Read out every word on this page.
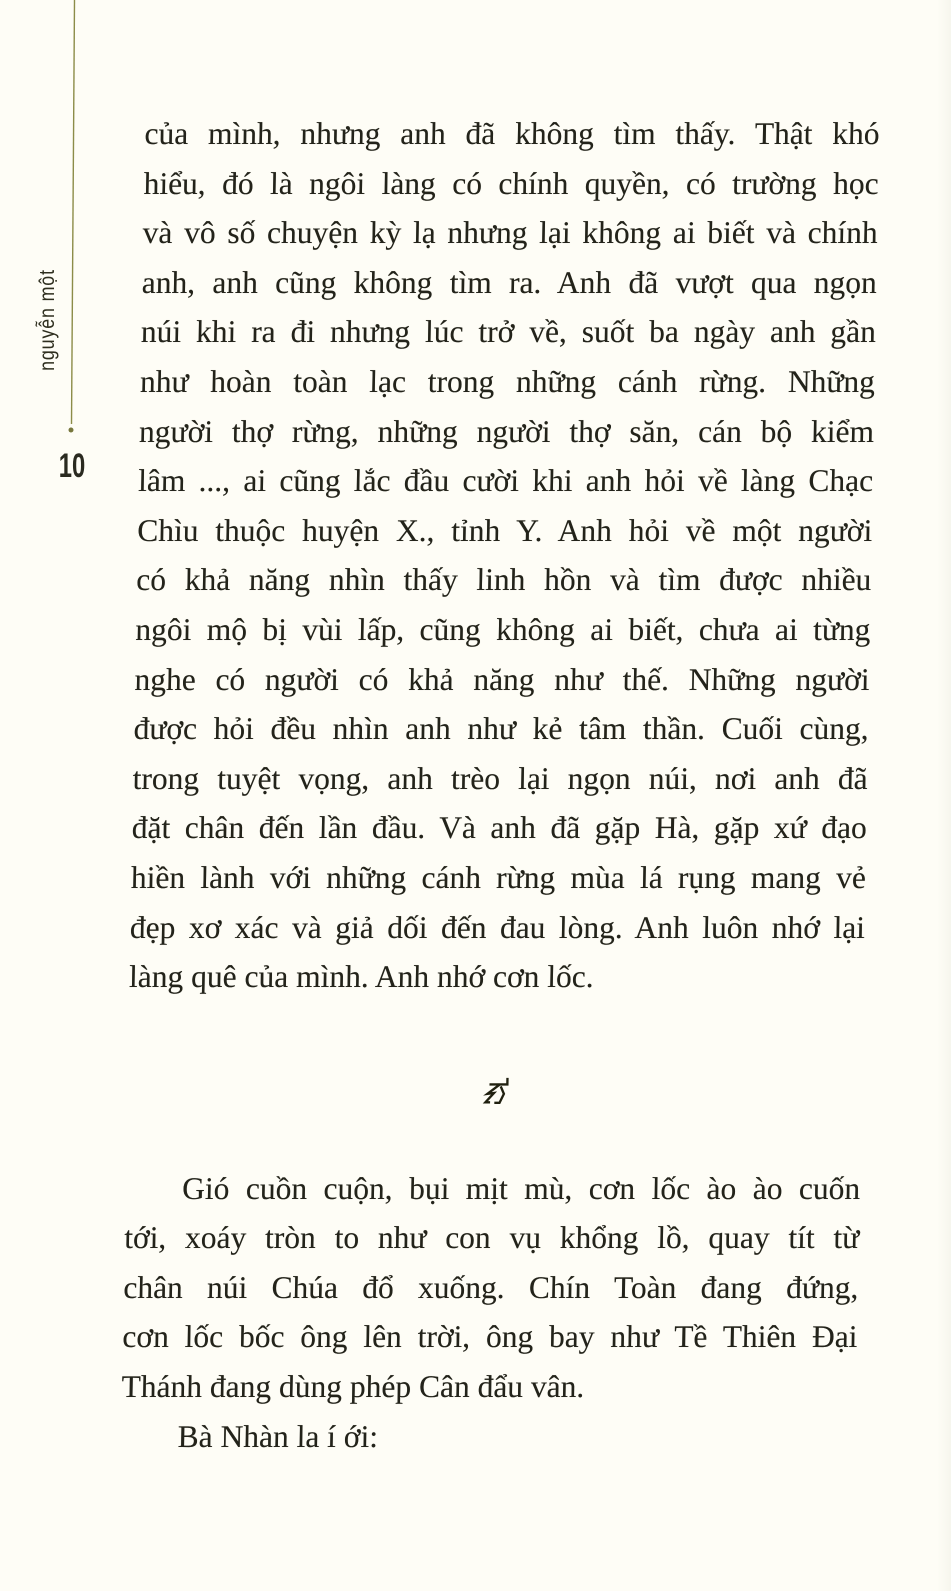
nguyễn một
10
của mình, nhưng anh đã không tìm thấy. Thật khó
hiểu, đó là ngôi làng có chính quyền, có trường học
và vô số chuyện kỳ lạ nhưng lại không ai biết và chính
anh, anh cũng không tìm ra. Anh đã vượt qua ngọn
núi khi ra đi nhưng lúc trở về, suốt ba ngày anh gần
như hoàn toàn lạc trong những cánh rừng. Những
người thợ rừng, những người thợ săn, cán bộ kiểm
lâm ..., ai cũng lắc đầu cười khi anh hỏi về làng Chạc
Chìu thuộc huyện X., tỉnh Y. Anh hỏi về một người
có khả năng nhìn thấy linh hồn và tìm được nhiều
ngôi mộ bị vùi lấp, cũng không ai biết, chưa ai từng
nghe có người có khả năng như thế. Những người
được hỏi đều nhìn anh như kẻ tâm thần. Cuối cùng,
trong tuyệt vọng, anh trèo lại ngọn núi, nơi anh đã
đặt chân đến lần đầu. Và anh đã gặp Hà, gặp xứ đạo
hiền lành với những cánh rừng mùa lá rụng mang vẻ
đẹp xơ xác và giả dối đến đau lòng. Anh luôn nhớ lại
làng quê của mình. Anh nhớ cơn lốc.
Gió cuồn cuộn, bụi mịt mù, cơn lốc ào ào cuốn
tới, xoáy tròn to như con vụ khổng lồ, quay tít từ
chân núi Chúa đổ xuống. Chín Toàn đang đứng,
cơn lốc bốc ông lên trời, ông bay như Tề Thiên Đại
Thánh đang dùng phép Cân đẩu vân.
Bà Nhàn la í ới:
